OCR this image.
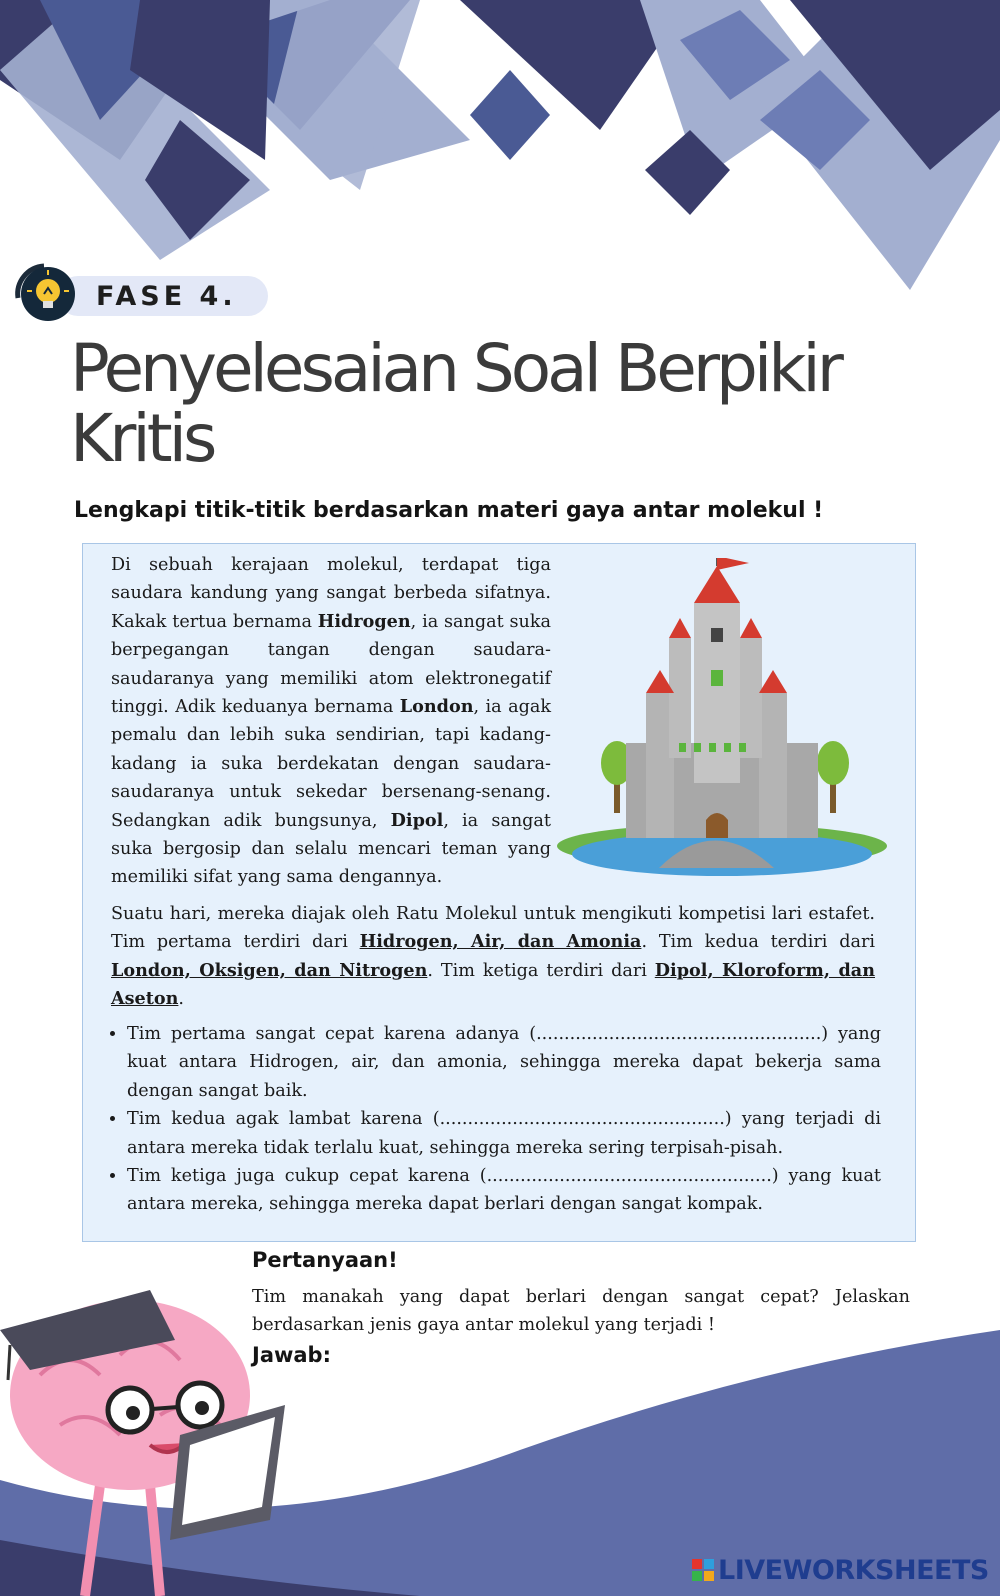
FASE 4.
Penyelesaian Soal Berpikir Kritis
Lengkapi titik-titik berdasarkan materi gaya antar molekul !
Di sebuah kerajaan molekul, terdapat tiga saudara kandung yang sangat berbeda sifatnya. Kakak tertua bernama Hidrogen, ia sangat suka berpegangan tangan dengan saudara-saudaranya yang memiliki atom elektronegatif tinggi. Adik keduanya bernama London, ia agak pemalu dan lebih suka sendirian, tapi kadang-kadang ia suka berdekatan dengan saudara-saudaranya untuk sekedar bersenang-senang. Sedangkan adik bungsunya, Dipol, ia sangat suka bergosip dan selalu mencari teman yang memiliki sifat yang sama dengannya.
Suatu hari, mereka diajak oleh Ratu Molekul untuk mengikuti kompetisi lari estafet. Tim pertama terdiri dari Hidrogen, Air, dan Amonia. Tim kedua terdiri dari London, Oksigen, dan Nitrogen. Tim ketiga terdiri dari Dipol, Kloroform, dan Aseton.
• Tim pertama sangat cepat karena adanya (...................................................) yang kuat antara Hidrogen, air, dan amonia, sehingga mereka dapat bekerja sama dengan sangat baik.
• Tim kedua agak lambat karena (...................................................) yang terjadi di antara mereka tidak terlalu kuat, sehingga mereka sering terpisah-pisah.
• Tim ketiga juga cukup cepat karena (...................................................) yang kuat antara mereka, sehingga mereka dapat berlari dengan sangat kompak.
Pertanyaan!
Tim manakah yang dapat berlari dengan sangat cepat? Jelaskan berdasarkan jenis gaya antar molekul yang terjadi !
Jawab:
LIVEWORKSHEETS
